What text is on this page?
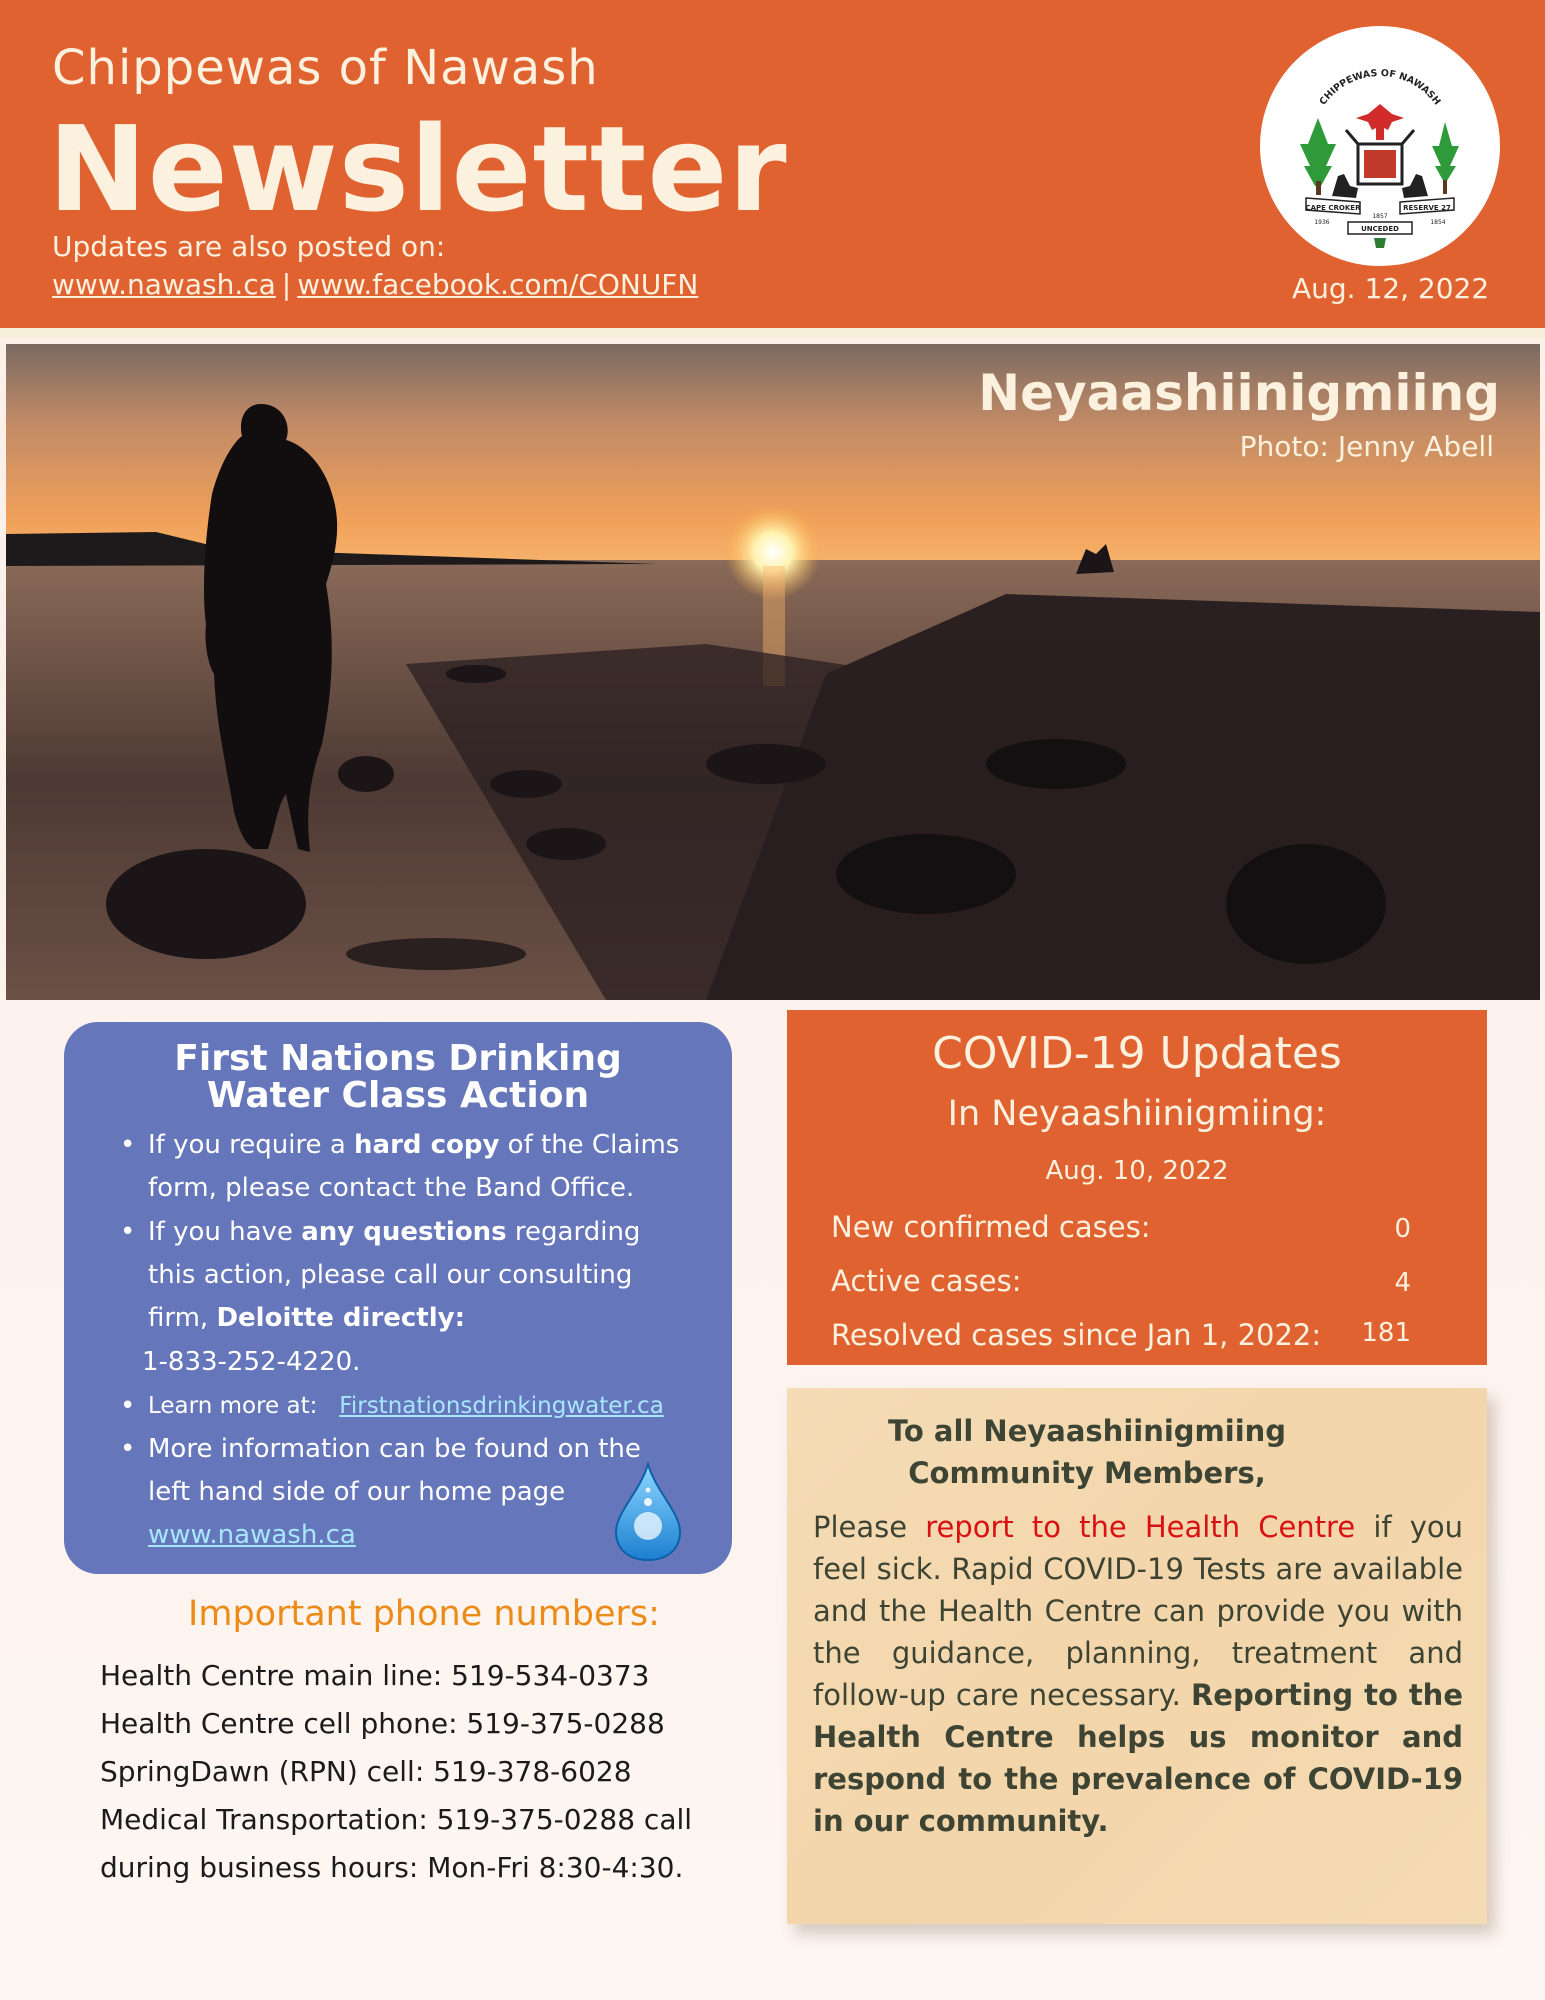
Chippewas of Nawash
Newsletter
Updates are also posted on:
www.nawash.ca | www.facebook.com/CONUFN
CHIPPEWAS OF NAWASH
CAPE CROKER	RESERVE 27
1936
1857
1854
UNCEDED
Aug. 12, 2022
Neyaashiinigmiing
Photo: Jenny Abell
First Nations Drinking
Water Class Action
• If you require a hard copy of the Claims form, please contact the Band Office.
• If you have any questions regarding this action, please call our consulting firm, Deloitte directly:
1-833-252-4220.
• Learn more at: Firstnationsdrinkingwater.ca
• More information can be found on the left hand side of our home page
www.nawash.ca
Important phone numbers:
Health Centre main line: 519-534-0373
Health Centre cell phone: 519-375-0288
SpringDawn (RPN) cell: 519-378-6028
Medical Transportation: 519-375-0288 call
during business hours: Mon-Fri 8:30-4:30.
COVID-19 Updates
In Neyaashiinigmiing:
Aug. 10, 2022
New confirmed cases:	0
Active cases:	4
Resolved cases since Jan 1, 2022: 181
To all Neyaashiinigmiing
Community Members,
Please report to the Health Centre if you feel sick. Rapid COVID-19 Tests are available and the Health Centre can provide you with the guidance, planning, treatment and follow-up care necessary. Reporting to the Health Centre helps us monitor and respond to the prevalence of COVID-19 in our community.
